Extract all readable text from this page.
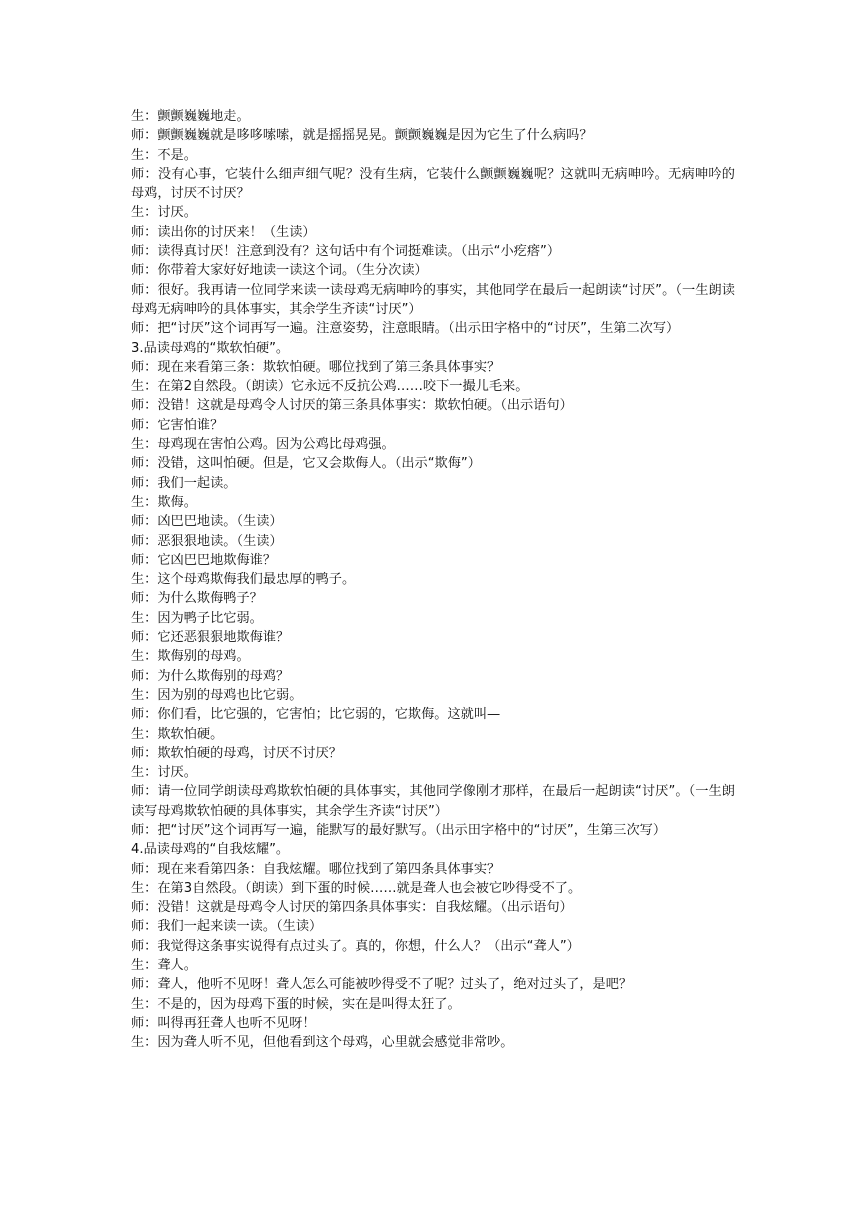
生：颤颤巍巍地走。

师：颤颤巍巍就是哆哆嗦嗦，就是摇摇晃晃。颤颤巍巍是因为它生了什么病吗？

生：不是。

师：没有心事，它装什么细声细气呢？没有生病，它装什么颤颤巍巍呢？这就叫无病呻吟。无病呻吟的母鸡，讨厌不讨厌？

生：讨厌。

师：读出你的讨厌来！（生读）

师：读得真讨厌！注意到没有？这句话中有个词挺难读。（出示“小疙瘩”）

师：你带着大家好好地读一读这个词。（生分次读）

师：很好。我再请一位同学来读一读母鸡无病呻吟的事实，其他同学在最后一起朗读“讨厌”。（一生朗读母鸡无病呻吟的具体事实，其余学生齐读“讨厌”）

师：把“讨厌”这个词再写一遍。注意姿势，注意眼睛。（出示田字格中的“讨厌”，生第二次写）

3.品读母鸡的“欺软怕硬”。

师：现在来看第三条：欺软怕硬。哪位找到了第三条具体事实？

生：在第2自然段。（朗读）它永远不反抗公鸡……咬下一撮儿毛来。

师：没错！这就是母鸡令人讨厌的第三条具体事实：欺软怕硬。（出示语句）

师：它害怕谁？

生：母鸡现在害怕公鸡。因为公鸡比母鸡强。

师：没错，这叫怕硬。但是，它又会欺侮人。（出示“欺侮”）

师：我们一起读。

生：欺侮。

师：凶巴巴地读。（生读）

师：恶狠狠地读。（生读）

师：它凶巴巴地欺侮谁？

生：这个母鸡欺侮我们最忠厚的鸭子。

师：为什么欺侮鸭子？

生：因为鸭子比它弱。

师：它还恶狠狠地欺侮谁？

生：欺侮别的母鸡。

师：为什么欺侮别的母鸡？

生：因为别的母鸡也比它弱。

师：你们看，比它强的，它害怕；比它弱的，它欺侮。这就叫—

生：欺软怕硬。

师：欺软怕硬的母鸡，讨厌不讨厌？

生：讨厌。

师：请一位同学朗读母鸡欺软怕硬的具体事实，其他同学像刚才那样，在最后一起朗读“讨厌”。（一生朗读写母鸡欺软怕硬的具体事实，其余学生齐读“讨厌”）

师：把“讨厌”这个词再写一遍，能默写的最好默写。（出示田字格中的“讨厌”，生第三次写）

4.品读母鸡的“自我炫耀”。

师：现在来看第四条：自我炫耀。哪位找到了第四条具体事实？

生：在第3自然段。（朗读）到下蛋的时候……就是聋人也会被它吵得受不了。

师：没错！这就是母鸡令人讨厌的第四条具体事实：自我炫耀。（出示语句）

师：我们一起来读一读。（生读）

师：我觉得这条事实说得有点过头了。真的，你想，什么人？（出示“聋人”）

生：聋人。

师：聋人，他听不见呀！聋人怎么可能被吵得受不了呢？过头了，绝对过头了，是吧？

生：不是的，因为母鸡下蛋的时候，实在是叫得太狂了。

师：叫得再狂聋人也听不见呀！

生：因为聋人听不见，但他看到这个母鸡，心里就会感觉非常吵。
